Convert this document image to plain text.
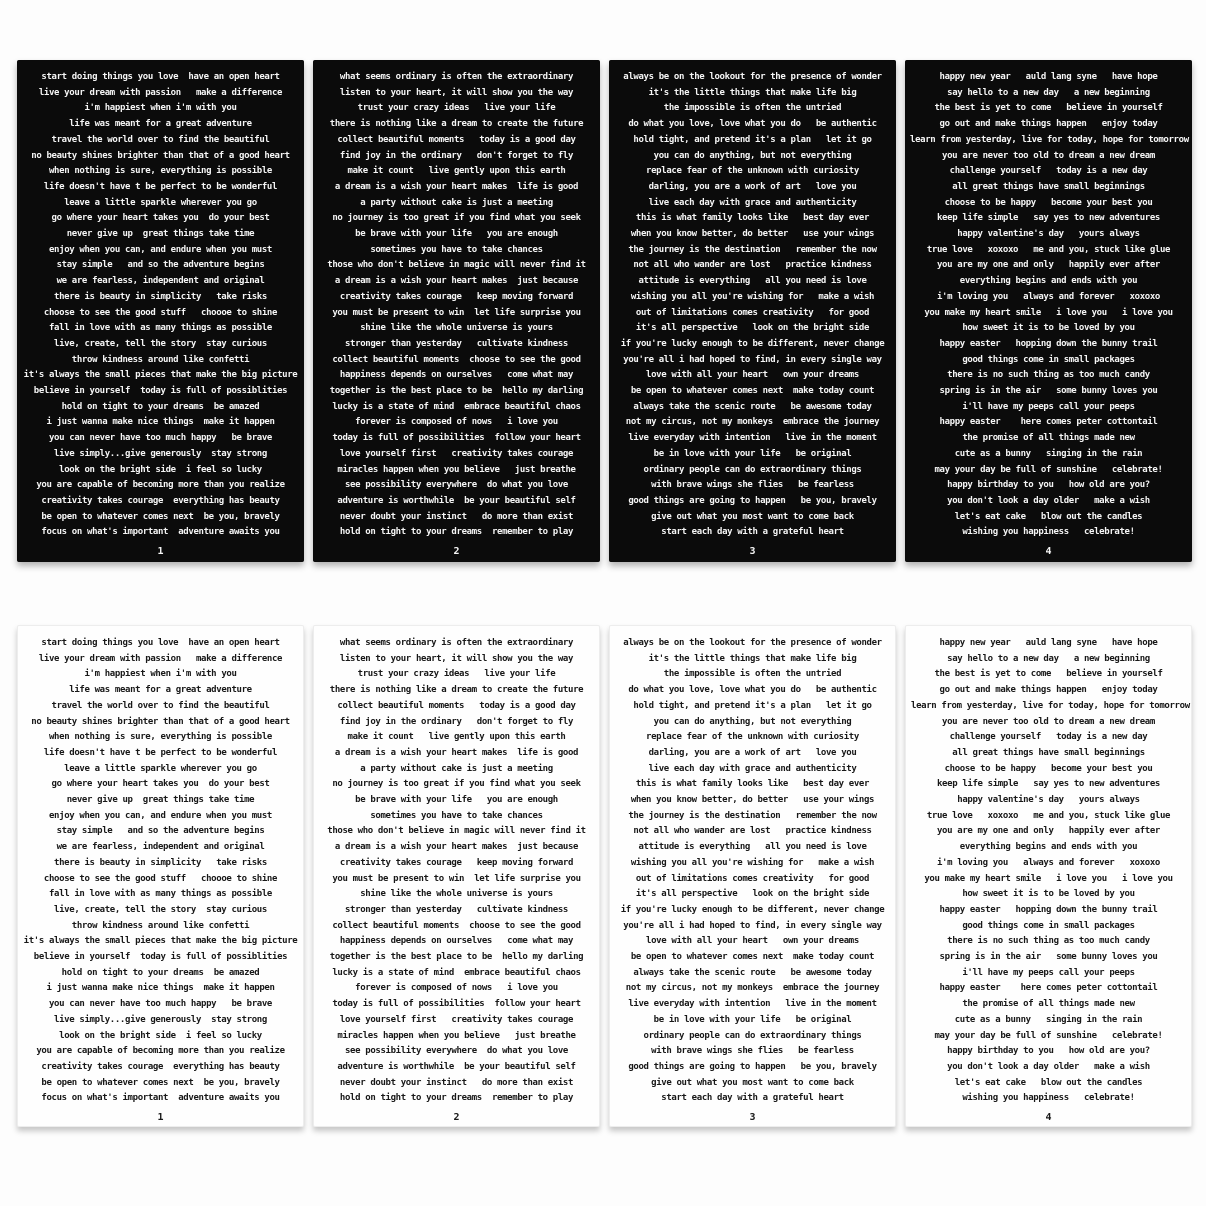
start doing things you love  have an open heart
live your dream with passion   make a difference
i'm happiest when i'm with you
life was meant for a great adventure
travel the world over to find the beautiful
no beauty shines brighter than that of a good heart
when nothing is sure, everything is possible
life doesn't have t be perfect to be wonderful
leave a little sparkle wherever you go
go where your heart takes you  do your best
never give up  great things take time
enjoy when you can, and endure when you must
stay simple   and so the adventure begins
we are fearless, independent and original
there is beauty in simplicity   take risks
choose to see the good stuff   choooe to shine
fall in love with as many things as possible
live, create, tell the story  stay curious
throw kindness around like confetti
it's always the small pieces that make the big picture
believe in yourself  today is full of possiblities
hold on tight to your dreams  be amazed
i just wanna make nice things  make it happen
you can never have too much happy   be brave
live simply...give generously  stay strong
look on the bright side  i feel so lucky
you are capable of becoming more than you realize
creativity takes courage  everything has beauty
be open to whatever comes next  be you, bravely
focus on what's important  adventure awaits you
1
what seems ordinary is often the extraordinary
listen to your heart, it will show you the way
trust your crazy ideas   live your life
there is nothing like a dream to create the future
collect beautiful moments   today is a good day
find joy in the ordinary   don't forget to fly
make it count   live gently upon this earth
a dream is a wish your heart makes  life is good
a party without cake is just a meeting
no journey is too great if you find what you seek
be brave with your life   you are enough
sometimes you have to take chances
those who don't believe in magic will never find it
a dream is a wish your heart makes  just because
creativity takes courage   keep moving forward
you must be present to win  let life surprise you
shine like the whole universe is yours
stronger than yesterday   cultivate kindness
collect beautiful moments  choose to see the good
happiness depends on ourselves   come what may
together is the best place to be  hello my darling
lucky is a state of mind  embrace beautiful chaos
forever is composed of nows   i love you
today is full of possibilities  follow your heart
love yourself first   creativity takes courage
miracles happen when you believe   just breathe
see possibility everywhere  do what you love
adventure is worthwhile  be your beautiful self
never doubt your instinct   do more than exist
hold on tight to your dreams  remember to play
2
always be on the lookout for the presence of wonder
it's the little things that make life big
the impossible is often the untried
do what you love, love what you do   be authentic
hold tight, and pretend it's a plan   let it go
you can do anything, but not everything
replace fear of the unknown with curiosity
darling, you are a work of art   love you
live each day with grace and authenticity
this is what family looks like   best day ever
when you know better, do better   use your wings
the journey is the destination   remember the now
not all who wander are lost   practice kindness
attitude is everything   all you need is love
wishing you all you're wishing for   make a wish
out of limitations comes creativity   for good
it's all perspective   look on the bright side
if you're lucky enough to be different, never change
you're all i had hoped to find, in every single way
love with all your heart   own your dreams
be open to whatever comes next  make today count
always take the scenic route   be awesome today
not my circus, not my monkeys  embrace the journey
live everyday with intention   live in the moment
be in love with your life   be original
ordinary people can do extraordinary things
with brave wings she flies   be fearless
good things are going to happen   be you, bravely
give out what you most want to come back
start each day with a grateful heart
3
happy new year   auld lang syne   have hope
say hello to a new day   a new beginning
the best is yet to come   believe in yourself
go out and make things happen   enjoy today
learn from yesterday, live for today, hope for tomorrow
you are never too old to dream a new dream
challenge yourself   today is a new day
all great things have small beginnings
choose to be happy   become your best you
keep life simple   say yes to new adventures
happy valentine's day   yours always
true love   xoxoxo   me and you, stuck like glue
you are my one and only   happily ever after
everything begins and ends with you
i'm loving you   always and forever   xoxoxo
you make my heart smile   i love you   i love you
how sweet it is to be loved by you
happy easter   hopping down the bunny trail
good things come in small packages
there is no such thing as too much candy
spring is in the air   some bunny loves you
i'll have my peeps call your peeps
happy easter    here comes peter cottontail
the promise of all things made new
cute as a bunny   singing in the rain
may your day be full of sunshine   celebrate!
happy birthday to you   how old are you?
you don't look a day older   make a wish
let's eat cake   blow out the candles
wishing you happiness   celebrate!
4
start doing things you love  have an open heart
live your dream with passion   make a difference
i'm happiest when i'm with you
life was meant for a great adventure
travel the world over to find the beautiful
no beauty shines brighter than that of a good heart
when nothing is sure, everything is possible
life doesn't have t be perfect to be wonderful
leave a little sparkle wherever you go
go where your heart takes you  do your best
never give up  great things take time
enjoy when you can, and endure when you must
stay simple   and so the adventure begins
we are fearless, independent and original
there is beauty in simplicity   take risks
choose to see the good stuff   choooe to shine
fall in love with as many things as possible
live, create, tell the story  stay curious
throw kindness around like confetti
it's always the small pieces that make the big picture
believe in yourself  today is full of possiblities
hold on tight to your dreams  be amazed
i just wanna make nice things  make it happen
you can never have too much happy   be brave
live simply...give generously  stay strong
look on the bright side  i feel so lucky
you are capable of becoming more than you realize
creativity takes courage  everything has beauty
be open to whatever comes next  be you, bravely
focus on what's important  adventure awaits you
1
what seems ordinary is often the extraordinary
listen to your heart, it will show you the way
trust your crazy ideas   live your life
there is nothing like a dream to create the future
collect beautiful moments   today is a good day
find joy in the ordinary   don't forget to fly
make it count   live gently upon this earth
a dream is a wish your heart makes  life is good
a party without cake is just a meeting
no journey is too great if you find what you seek
be brave with your life   you are enough
sometimes you have to take chances
those who don't believe in magic will never find it
a dream is a wish your heart makes  just because
creativity takes courage   keep moving forward
you must be present to win  let life surprise you
shine like the whole universe is yours
stronger than yesterday   cultivate kindness
collect beautiful moments  choose to see the good
happiness depends on ourselves   come what may
together is the best place to be  hello my darling
lucky is a state of mind  embrace beautiful chaos
forever is composed of nows   i love you
today is full of possibilities  follow your heart
love yourself first   creativity takes courage
miracles happen when you believe   just breathe
see possibility everywhere  do what you love
adventure is worthwhile  be your beautiful self
never doubt your instinct   do more than exist
hold on tight to your dreams  remember to play
2
always be on the lookout for the presence of wonder
it's the little things that make life big
the impossible is often the untried
do what you love, love what you do   be authentic
hold tight, and pretend it's a plan   let it go
you can do anything, but not everything
replace fear of the unknown with curiosity
darling, you are a work of art   love you
live each day with grace and authenticity
this is what family looks like   best day ever
when you know better, do better   use your wings
the journey is the destination   remember the now
not all who wander are lost   practice kindness
attitude is everything   all you need is love
wishing you all you're wishing for   make a wish
out of limitations comes creativity   for good
it's all perspective   look on the bright side
if you're lucky enough to be different, never change
you're all i had hoped to find, in every single way
love with all your heart   own your dreams
be open to whatever comes next  make today count
always take the scenic route   be awesome today
not my circus, not my monkeys  embrace the journey
live everyday with intention   live in the moment
be in love with your life   be original
ordinary people can do extraordinary things
with brave wings she flies   be fearless
good things are going to happen   be you, bravely
give out what you most want to come back
start each day with a grateful heart
3
happy new year   auld lang syne   have hope
say hello to a new day   a new beginning
the best is yet to come   believe in yourself
go out and make things happen   enjoy today
learn from yesterday, live for today, hope for tomorrow
you are never too old to dream a new dream
challenge yourself   today is a new day
all great things have small beginnings
choose to be happy   become your best you
keep life simple   say yes to new adventures
happy valentine's day   yours always
true love   xoxoxo   me and you, stuck like glue
you are my one and only   happily ever after
everything begins and ends with you
i'm loving you   always and forever   xoxoxo
you make my heart smile   i love you   i love you
how sweet it is to be loved by you
happy easter   hopping down the bunny trail
good things come in small packages
there is no such thing as too much candy
spring is in the air   some bunny loves you
i'll have my peeps call your peeps
happy easter    here comes peter cottontail
the promise of all things made new
cute as a bunny   singing in the rain
may your day be full of sunshine   celebrate!
happy birthday to you   how old are you?
you don't look a day older   make a wish
let's eat cake   blow out the candles
wishing you happiness   celebrate!
4
